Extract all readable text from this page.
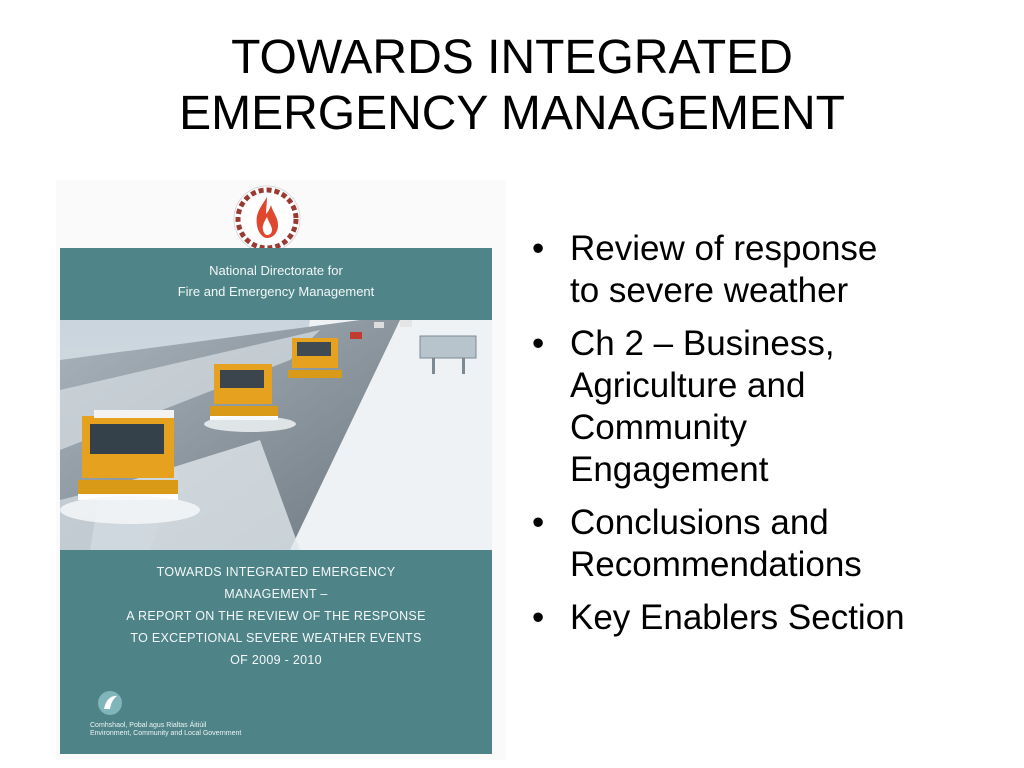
TOWARDS INTEGRATED
EMERGENCY MANAGEMENT
National Directorate for
Fire and Emergency Management
TOWARDS INTEGRATED EMERGENCY
MANAGEMENT –
A REPORT ON THE REVIEW OF THE RESPONSE
TO EXCEPTIONAL SEVERE WEATHER EVENTS
OF 2009 - 2010
Comhshaol, Pobal agus Rialtas Áitiúil
Environment, Community and Local Government
• Review of response
to severe weather
• Ch 2 – Business,
Agriculture and
Community
Engagement
• Conclusions and
Recommendations
• Key Enablers Section
